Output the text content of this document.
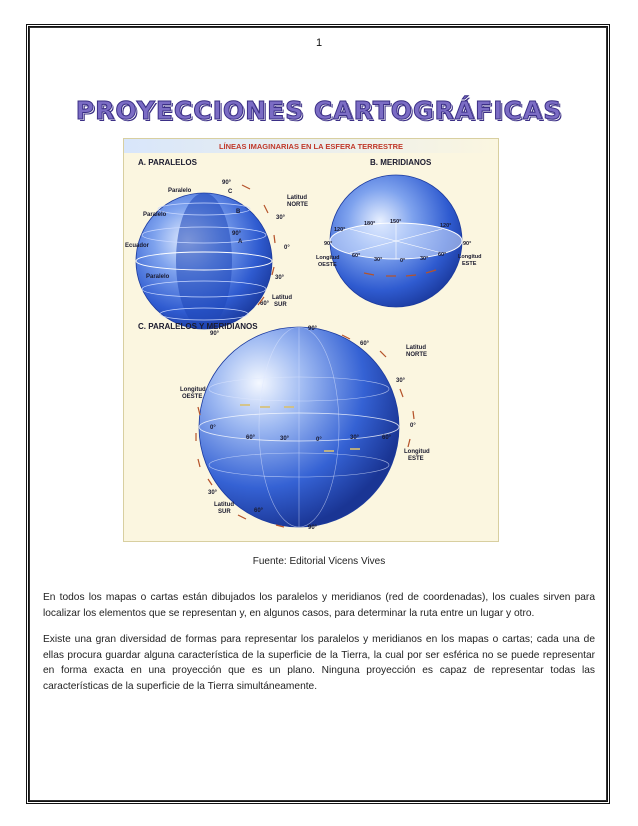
1
PROYECCIONES CARTOGRÁFICAS
LÍNEAS IMAGINARIAS EN LA ESFERA TERRESTRE
A. PARALELOS
Paralelo
Paralelo
Ecuador
Paralelo
90°
C
B
90°
A
Latitud
NORTE
30°
0°
30°
60°
Latitud
SUR
90°
B. MERIDIANOS
180°	150°
120°
120°
90°	90°
60°
30°	0°	30°
60°
Longitud
OESTE
Longitud
ESTE
C. PARALELOS Y MERIDIANOS	90°
60°
Latitud
NORTE
30°
Longitud
OESTE
0°
60°	30°	0°	30°	60°
0°
Longitud
ESTE
30°
Latitud
SUR	60°
90°
Fuente: Editorial Vicens Vives
En todos los mapas o cartas están dibujados los paralelos y meridianos (red de coordenadas), los cuales sirven para localizar los elementos que se representan y, en algunos casos, para determinar la ruta entre un lugar y otro.
Existe una gran diversidad de formas para representar los paralelos y meridianos en los mapas o cartas; cada una de ellas procura guardar alguna característica de la superficie de la Tierra, la cual por ser esférica no se puede representar en forma exacta en una proyección que es un plano. Ninguna proyección es capaz de representar todas las características de la superficie de la Tierra simultáneamente.
